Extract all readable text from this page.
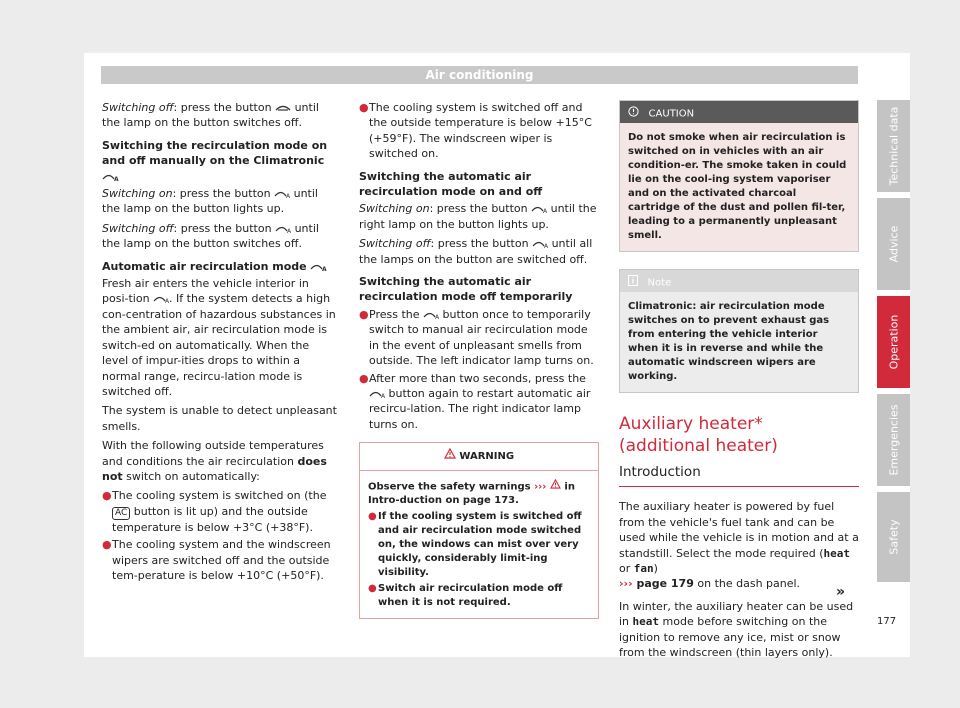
Air conditioning

Switching off: press the button
until the lamp on the button switches off.

Switching the recirculation mode on and off manually on the Climatronic
A

Switching on: press the button A until the lamp on the button lights up.

Switching off: press the button A until the lamp on the button switches off.

Automatic air recirculation mode A

Fresh air enters the vehicle interior in posi-tion A . If the system detects a high con-centration of hazardous substances in the ambient air, air recirculation mode is switch-ed on automatically. When the level of impur-ities drops to within a normal range, recircu-lation mode is switched off.

The system is unable to detect unpleasant smells.

With the following outside temperatures and conditions the air recirculation does not switch on automatically:

● The cooling system is switched on (the AC button is lit up) and the outside temperature is below +3°C (+38°F).
● The cooling system and the windscreen wipers are switched off and the outside tem-perature is below +10°C (+50°F).
● The cooling system is switched off and the outside temperature is below +15°C (+59°F). The windscreen wiper is switched on.

Switching the automatic air recirculation mode on and off

Switching on: press the button A until the right lamp on the button lights up.

Switching off: press the button A until all the lamps on the button are switched off.

Switching the automatic air recirculation mode off temporarily

● Press the A button once to temporarily switch to manual air recirculation mode in the event of unpleasant smells from outside. The left indicator lamp turns on.
● After more than two seconds, press the
A button again to restart automatic air recircu-lation. The right indicator lamp turns on.
WARNING
Observe the safety warnings ›››  in Intro-duction on page 173.
● If the cooling system is switched off and air recirculation mode switched on, the windows can mist over very quickly, considerably limit-ing visibility.
● Switch air recirculation mode off when it is not required.
CAUTION
Do not smoke when air recirculation is switched on in vehicles with an air condition-er. The smoke taken in could lie on the cool-ing system vaporiser and on the activated charcoal cartridge of the dust and pollen fil-ter, leading to a permanently unpleasant smell.
Note
Climatronic: air recirculation mode switches on to prevent exhaust gas from entering the vehicle interior when it is in reverse and while the automatic windscreen wipers are working.
Auxiliary heater* (additional heater)
Introduction

The auxiliary heater is powered by fuel from the vehicle's fuel tank and can be used while the vehicle is in motion and at a standstill. Select the mode required (heat or fan)
››› page 179 on the dash panel.

In winter, the auxiliary heater can be used in heat mode before switching on the ignition to remove any ice, mist or snow from the windscreen (thin layers only).

»
Technical data
Advice
Operation
Emergencies
Safety
177
